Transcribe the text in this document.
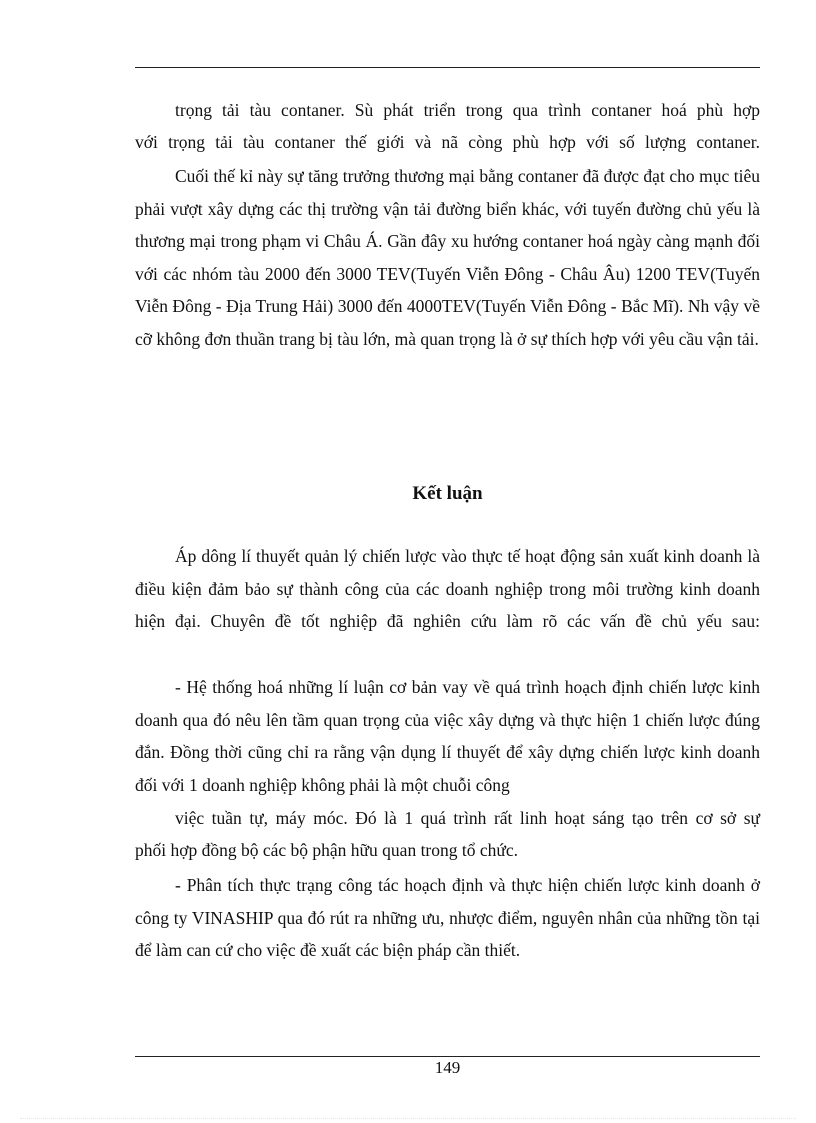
trọng tải tàu contaner. Sù phát triển trong qua trình contaner hoá phù hợp

với trọng tải tàu contaner thế giới và nã còng phù hợp với số lượng contaner.

Cuối thế kỉ này sự tăng trưởng thương mại bằng contaner đã được đạt cho mục tiêu phải vượt xây dựng các thị trường vận tải đường biển khác, với tuyến đường chủ yếu là thương mại trong phạm vi Châu Á. Gần đây xu hướng contaner hoá ngày càng mạnh đối với các nhóm tàu 2000 đến 3000 TEV(Tuyến Viễn Đông - Châu Âu) 1200 TEV(Tuyến Viễn Đông - Địa Trung Hải) 3000 đến 4000TEV(Tuyến Viễn Đông - Bắc Mĩ). Nh vậy về cỡ không đơn thuần trang bị tàu lớn, mà quan trọng là ở sự thích hợp với yêu cầu vận tải.

Kết luận

Áp dông lí thuyết quản lý chiến lược vào thực tế hoạt động sản xuất kinh doanh là điều kiện đảm bảo sự thành công của các doanh nghiệp trong môi trường kinh doanh hiện đại. Chuyên đề tốt nghiệp đã nghiên cứu làm rõ các vấn đề chủ yếu sau:

- Hệ thống hoá những lí luận cơ bản vay về quá trình hoạch định chiến lược kinh doanh qua đó nêu lên tầm quan trọng của việc xây dựng và thực hiện 1 chiến lược đúng đắn. Đồng thời cũng chỉ ra rằng vận dụng lí thuyết để xây dựng chiến lược kinh doanh đối với 1 doanh nghiệp không phải là một chuỗi công

việc tuần tự, máy móc. Đó là 1 quá trình rất linh hoạt sáng tạo trên cơ sở sự

phối hợp đồng bộ các bộ phận hữu quan trong tổ chức.

- Phân tích thực trạng công tác hoạch định và thực hiện chiến lược kinh doanh ở công ty VINASHIP qua đó rút ra những ưu, nhược điểm, nguyên nhân của những tồn tại để làm can cứ cho việc đề xuất các biện pháp cần thiết.

149
